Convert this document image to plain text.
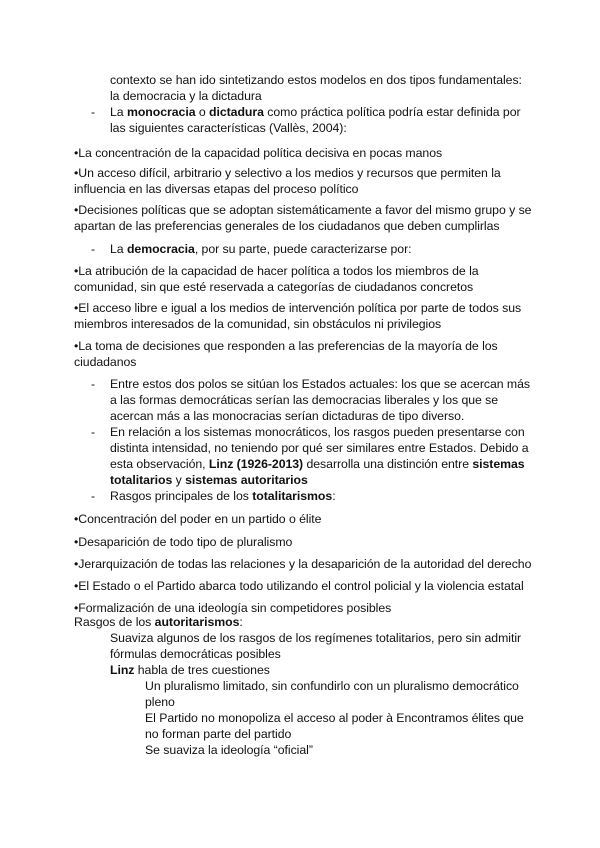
contexto se han ido sintetizando estos modelos en dos tipos fundamentales:
la democracia y la dictadura
- La monocracia o dictadura como práctica política podría estar definida por
las siguientes características (Vallès, 2004):
•La concentración de la capacidad política decisiva en pocas manos
•Un acceso difícil, arbitrario y selectivo a los medios y recursos que permiten la
influencia en las diversas etapas del proceso político
•Decisiones políticas que se adoptan sistemáticamente a favor del mismo grupo y se
apartan de las preferencias generales de los ciudadanos que deben cumplirlas
- La democracia, por su parte, puede caracterizarse por:
•La atribución de la capacidad de hacer política a todos los miembros de la
comunidad, sin que esté reservada a categorías de ciudadanos concretos
•El acceso libre e igual a los medios de intervención política por parte de todos sus
miembros interesados de la comunidad, sin obstáculos ni privilegios
•La toma de decisiones que responden a las preferencias de la mayoría de los
ciudadanos
- Entre estos dos polos se sitúan los Estados actuales: los que se acercan más
a las formas democráticas serían las democracias liberales y los que se
acercan más a las monocracias serían dictaduras de tipo diverso.
- En relación a los sistemas monocráticos, los rasgos pueden presentarse con
distinta intensidad, no teniendo por qué ser similares entre Estados. Debido a
esta observación, Linz (1926-2013) desarrolla una distinción entre sistemas
totalitarios y sistemas autoritarios
- Rasgos principales de los totalitarismos:
•Concentración del poder en un partido o élite
•Desaparición de todo tipo de pluralismo
•Jerarquización de todas las relaciones y la desaparición de la autoridad del derecho
•El Estado o el Partido abarca todo utilizando el control policial y la violencia estatal
•Formalización de una ideología sin competidores posibles
Rasgos de los autoritarismos:
Suaviza algunos de los rasgos de los regímenes totalitarios, pero sin admitir
fórmulas democráticas posibles
Linz habla de tres cuestiones
Un pluralismo limitado, sin confundirlo con un pluralismo democrático
pleno
El Partido no monopoliza el acceso al poder à Encontramos élites que
no forman parte del partido
Se suaviza la ideología “oficial”
